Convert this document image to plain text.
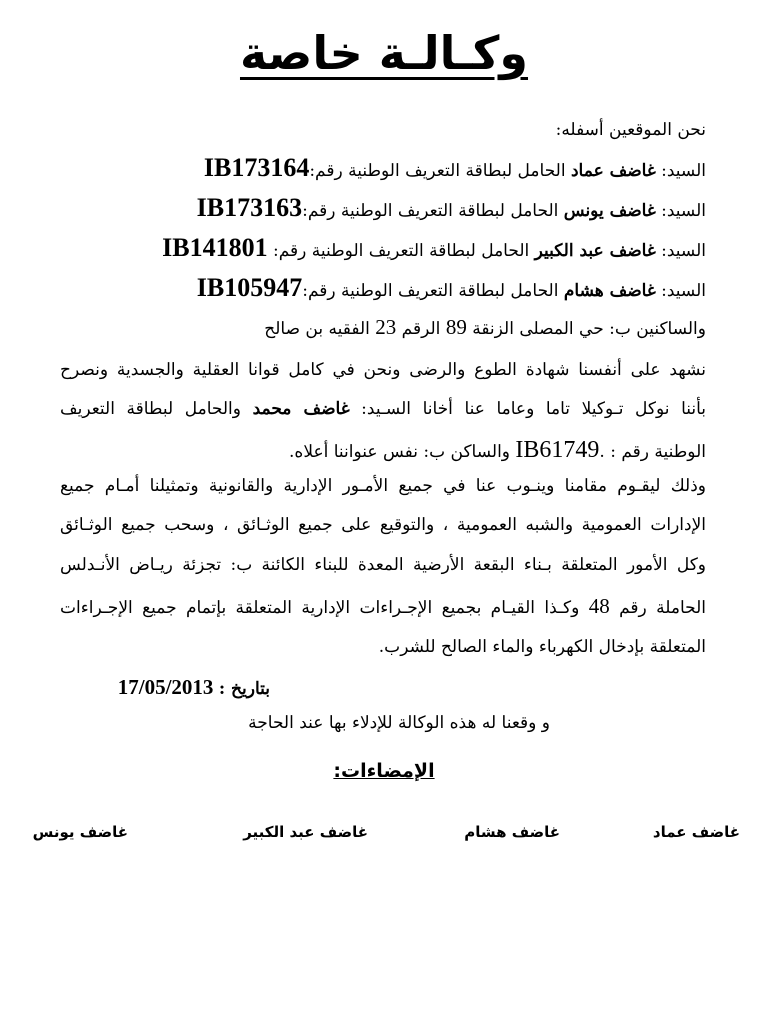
وكـالـة خاصة
نحن الموقعين أسفله:
السيد: غاضف عماد الحامل لبطاقة التعريف الوطنية رقم:IB173164
السيد: غاضف يونس الحامل لبطاقة التعريف الوطنية رقم:IB173163
السيد: غاضف عبد الكبير الحامل لبطاقة التعريف الوطنية رقم: IB141801
السيد: غاضف هشام الحامل لبطاقة التعريف الوطنية رقم:IB105947
والساكنين ب: حي المصلى الزنقة 89 الرقم 23 الفقيه بن صالح
نشهد على أنفسنا شهادة الطوع والرضى ونحن في كامل قوانا العقلية والجسدية ونصرح
بأننا نوكل تـوكيلا تاما وعاما عنا أخانا السـيد: غاضف محمد والحامل لبطاقة التعريف
الوطنية رقم : .IB61749 والساكن ب: نفس عنواننا أعلاه.
وذلك ليقـوم مقامنا وينـوب عنا في جميع الأمـور الإدارية والقانونية وتمثيلنا أمـام جميع
الإدارات العمومية والشبه العمومية ، والتوقيع على جميع الوثـائق ، وسحب جميع الوثـائق
وكل الأمور المتعلقة بـناء البقعة الأرضية المعدة للبناء الكائنة ب: تجزئة ريـاض الأنـدلس
الحاملة رقم 48 وكـذا القيـام بجميع الإجـراءات الإدارية المتعلقة بإتمام جميع الإجـراءات
المتعلقة بإدخال الكهرباء والماء الصالح للشرب.
بتاريخ : 17/05/2013
و وقعنا له هذه الوكالة للإدلاء بها عند الحاجة
الإمضاءات:
غاضف عماد
غاضف هشام
غاضف عبد الكبير
غاضف يونس
